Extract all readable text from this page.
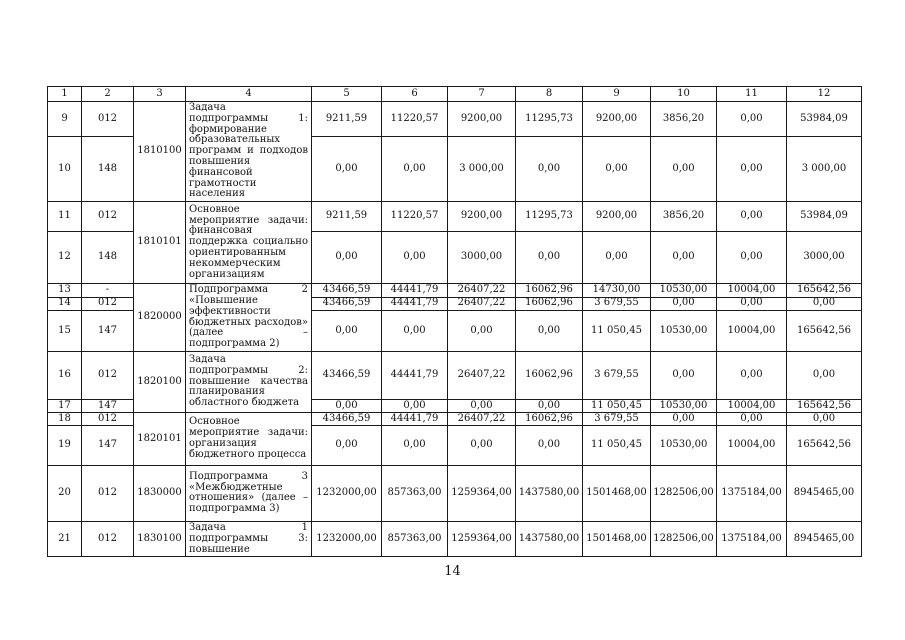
1	2	3	4	5	6	7	8	9	10	11	12
9	012	1810100	Задача подпрограммы 1: формирование образовательных программ и подходов повышения финансовой грамотности населения	9211,59	11220,57	9200,00	11295,73	9200,00	3856,20	0,00	53984,09
10	148			0,00	0,00	3 000,00	0,00	0,00	0,00	0,00	3 000,00
11	012	1810101	Основное мероприятие задачи: финансовая поддержка социально ориентированным некоммерческим организациям	9211,59	11220,57	9200,00	11295,73	9200,00	3856,20	0,00	53984,09
12	148			0,00	0,00	3000,00	0,00	0,00	0,00	0,00	3000,00
13	-	1820000	Подпрограмма 2 «Повышение эффективности бюджетных расходов» (далее – подпрограмма 2)	43466,59	44441,79	26407,22	16062,96	14730,00	10530,00	10004,00	165642,56
14	012			43466,59	44441,79	26407,22	16062,96	3 679,55	0,00	0,00	0,00
15	147			0,00	0,00	0,00	0,00	11 050,45	10530,00	10004,00	165642,56
16	012	1820100	Задача подпрограммы 2: повышение качества планирования областного бюджета	43466,59	44441,79	26407,22	16062,96	3 679,55	0,00	0,00	0,00
17	147			0,00	0,00	0,00	0,00	11 050,45	10530,00	10004,00	165642,56
18	012	1820101	Основное мероприятие задачи: организация бюджетного процесса	43466,59	44441,79	26407,22	16062,96	3 679,55	0,00	0,00	0,00
19	147			0,00	0,00	0,00	0,00	11 050,45	10530,00	10004,00	165642,56
20	012	1830000	Подпрограмма 3 «Межбюджетные отношения» (далее – подпрограмма 3)	1232000,00	857363,00	1259364,00	1437580,00	1501468,00	1282506,00	1375184,00	8945465,00
21	012	1830100	Задача 1 подпрограммы 3: повышение	1232000,00	857363,00	1259364,00	1437580,00	1501468,00	1282506,00	1375184,00	8945465,00
14
